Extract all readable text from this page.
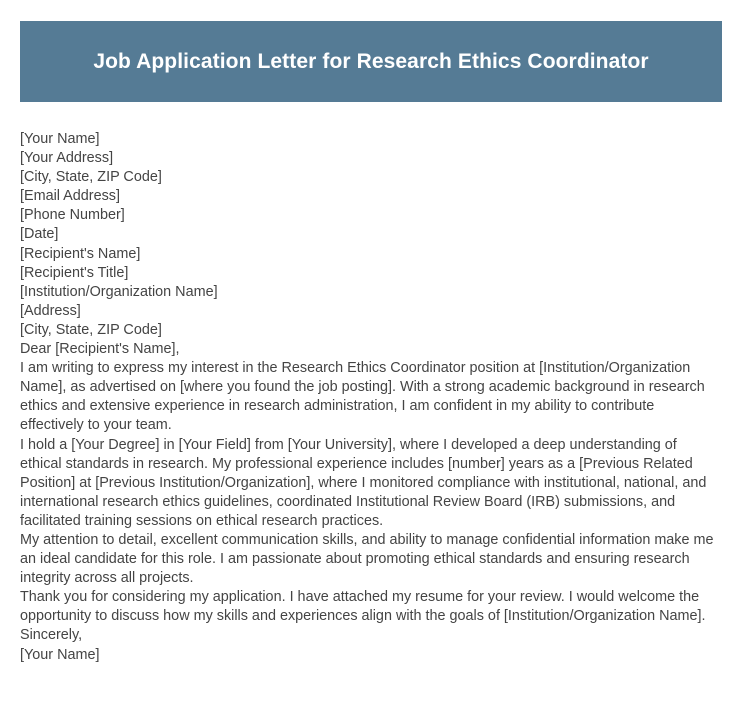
Job Application Letter for Research Ethics Coordinator

[Your Name]

[Your Address]

[City, State, ZIP Code]

[Email Address]

[Phone Number]

[Date]

[Recipient's Name]

[Recipient's Title]

[Institution/Organization Name]

[Address]

[City, State, ZIP Code]

Dear [Recipient's Name],

I am writing to express my interest in the Research Ethics Coordinator position at [Institution/Organization Name], as advertised on [where you found the job posting]. With a strong academic background in research ethics and extensive experience in research administration, I am confident in my ability to contribute effectively to your team.

I hold a [Your Degree] in [Your Field] from [Your University], where I developed a deep understanding of ethical standards in research. My professional experience includes [number] years as a [Previous Related Position] at [Previous Institution/Organization], where I monitored compliance with institutional, national, and international research ethics guidelines, coordinated Institutional Review Board (IRB) submissions, and facilitated training sessions on ethical research practices.

My attention to detail, excellent communication skills, and ability to manage confidential information make me an ideal candidate for this role. I am passionate about promoting ethical standards and ensuring research integrity across all projects.

Thank you for considering my application. I have attached my resume for your review. I would welcome the opportunity to discuss how my skills and experiences align with the goals of [Institution/Organization Name].

Sincerely,

[Your Name]
